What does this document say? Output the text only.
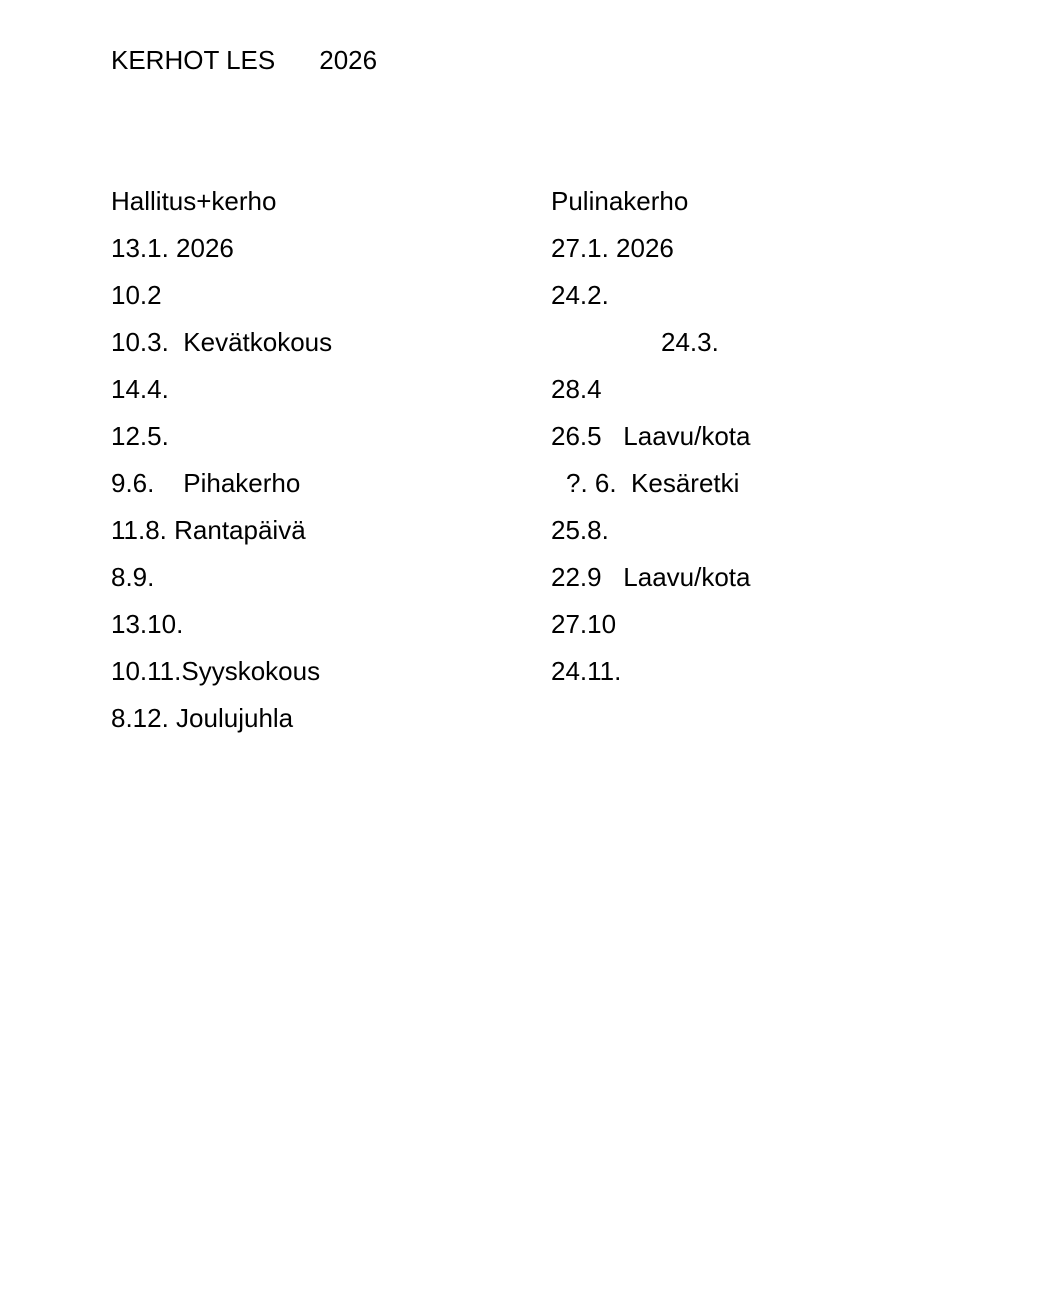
KERHOT LES 2026
Hallitus+kerho
13.1. 2026
10.2
10.3.  Kevätkokous
14.4.
12.5.
9.6.    Pihakerho
11.8. Rantapäivä
8.9.
13.10.
10.11.Syyskokous
8.12. Joulujuhla
Pulinakerho
27.1. 2026
24.2.
24.3.
28.4
26.5   Laavu/kota
?. 6.  Kesäretki
25.8.
22.9   Laavu/kota
27.10
24.11.
